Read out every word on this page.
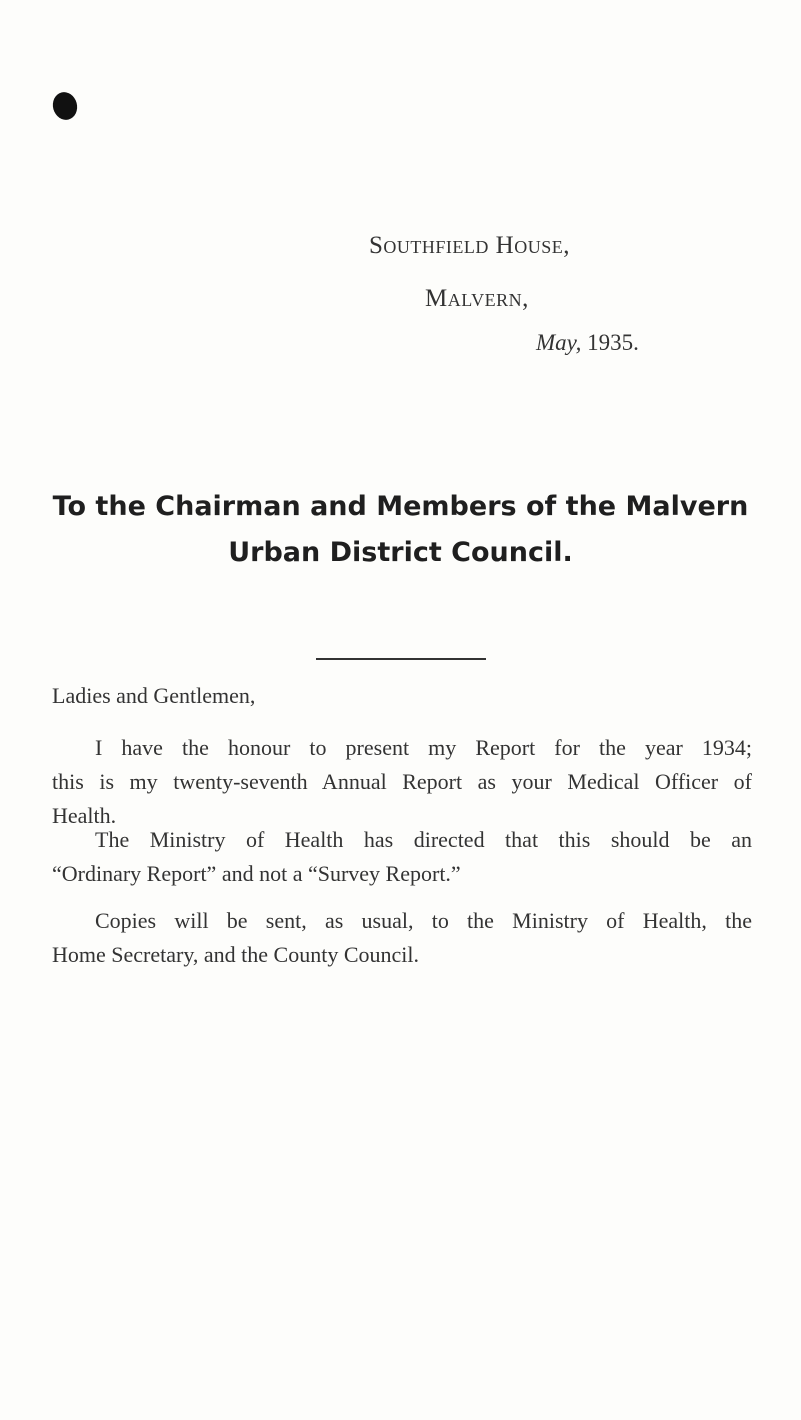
Southfield House,
Malvern,
May, 1935.
To the Chairman and Members of the Malvern
Urban District Council.
Ladies and Gentlemen,
I have the honour to present my Report for the year 1934;
this is my twenty-seventh Annual Report as your Medical Officer of
Health.
The Ministry of Health has directed that this should be an
“Ordinary Report” and not a “Survey Report.”
Copies will be sent, as usual, to the Ministry of Health, the
Home Secretary, and the County Council.
